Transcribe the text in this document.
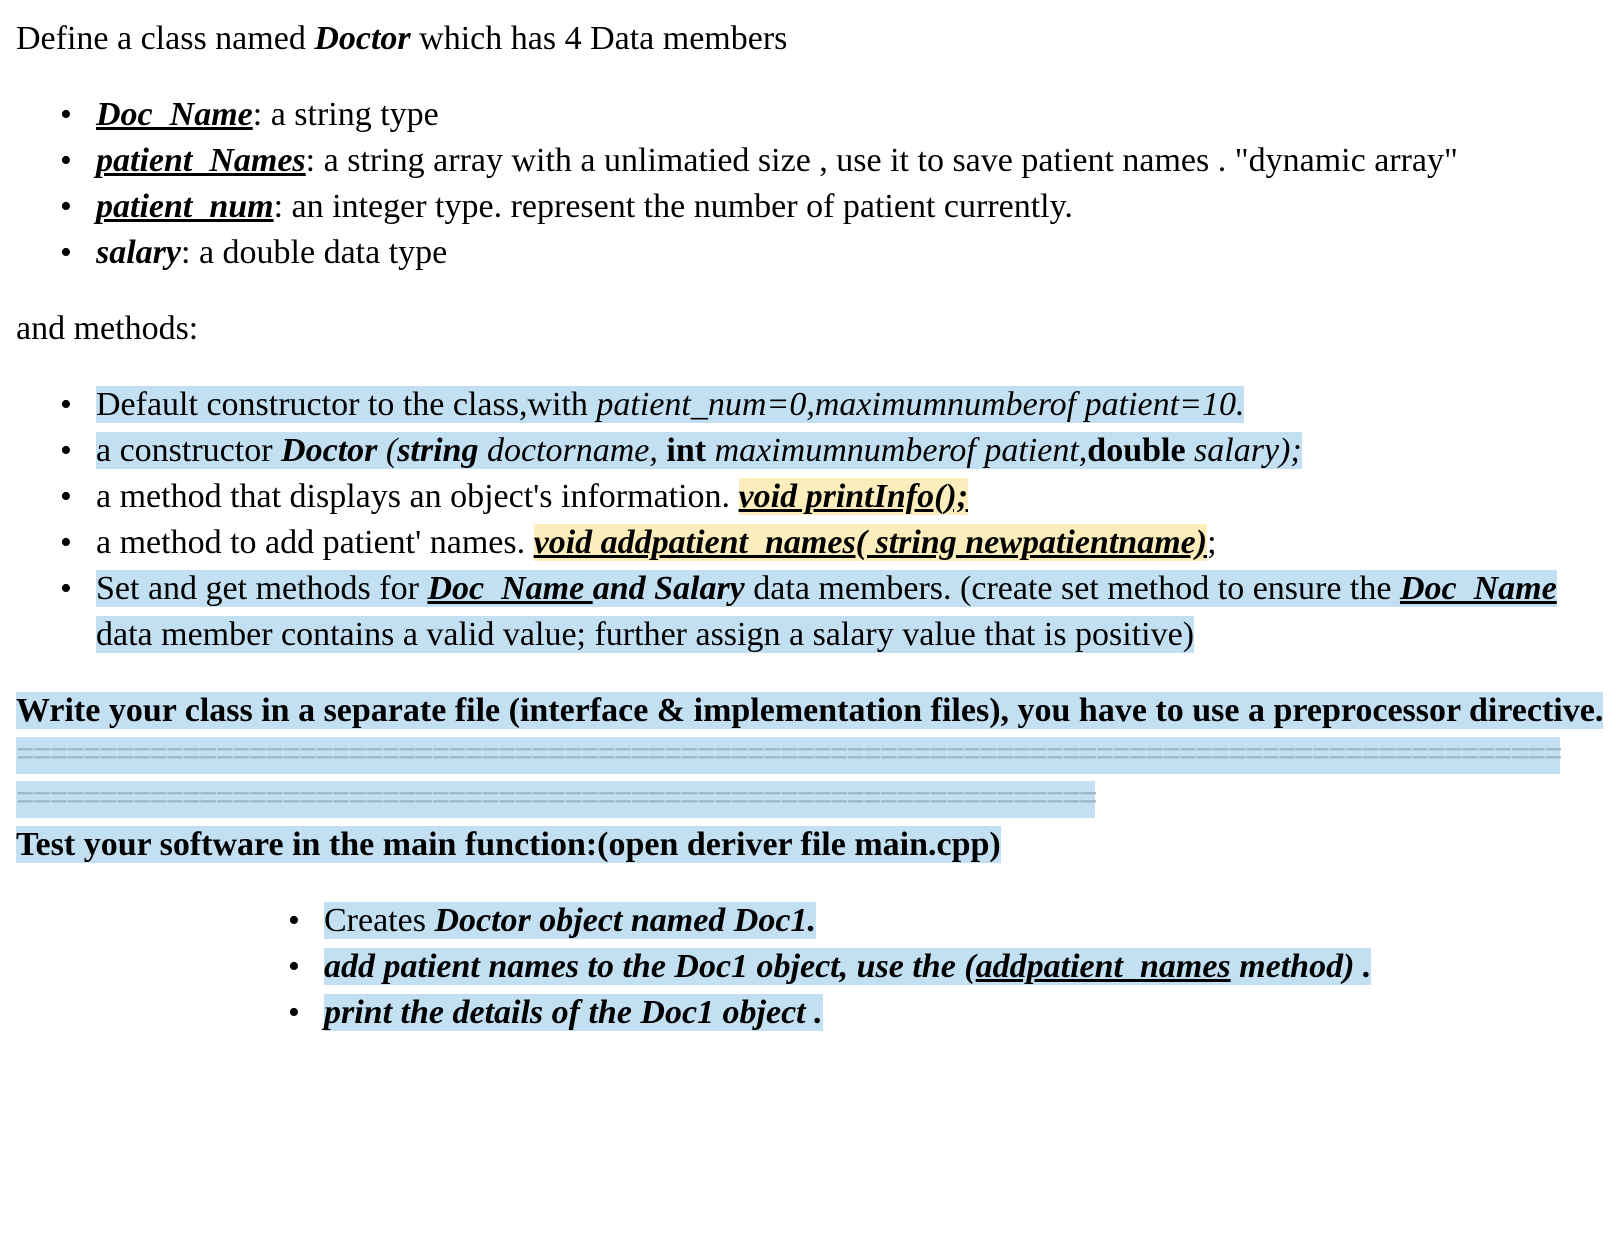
Define a class named Doctor which has 4 Data members

• Doc_Name: a string type
• patient_Names: a string array with a unlimatied size , use it to save patient names . "dynamic array"
• patient_num: an integer type. represent the number of patient currently.
• salary: a double data type

and methods:

• Default constructor to the class,with patient_num=0,maximumnumberof patient=10.
• a constructor Doctor (string doctorname, int maximumnumberof patient,double salary);
• a method that displays an object's information. void printInfo();
• a method to add patient' names. void addpatient_names( string newpatientname);
• Set and get methods for Doc_Name and Salary data members. (create set method to ensure the Doc_Name data member contains a valid value; further assign a salary value that is positive)

Write your class in a separate file (interface & implementation files), you have to use a preprocessor directive.

=============================================================================================
=================================================================

Test your software in the main function:(open deriver file main.cpp)

• Creates Doctor object named Doc1.
• add patient names to the Doc1 object, use the (addpatient_names method) .
• print the details of the Doc1 object .
